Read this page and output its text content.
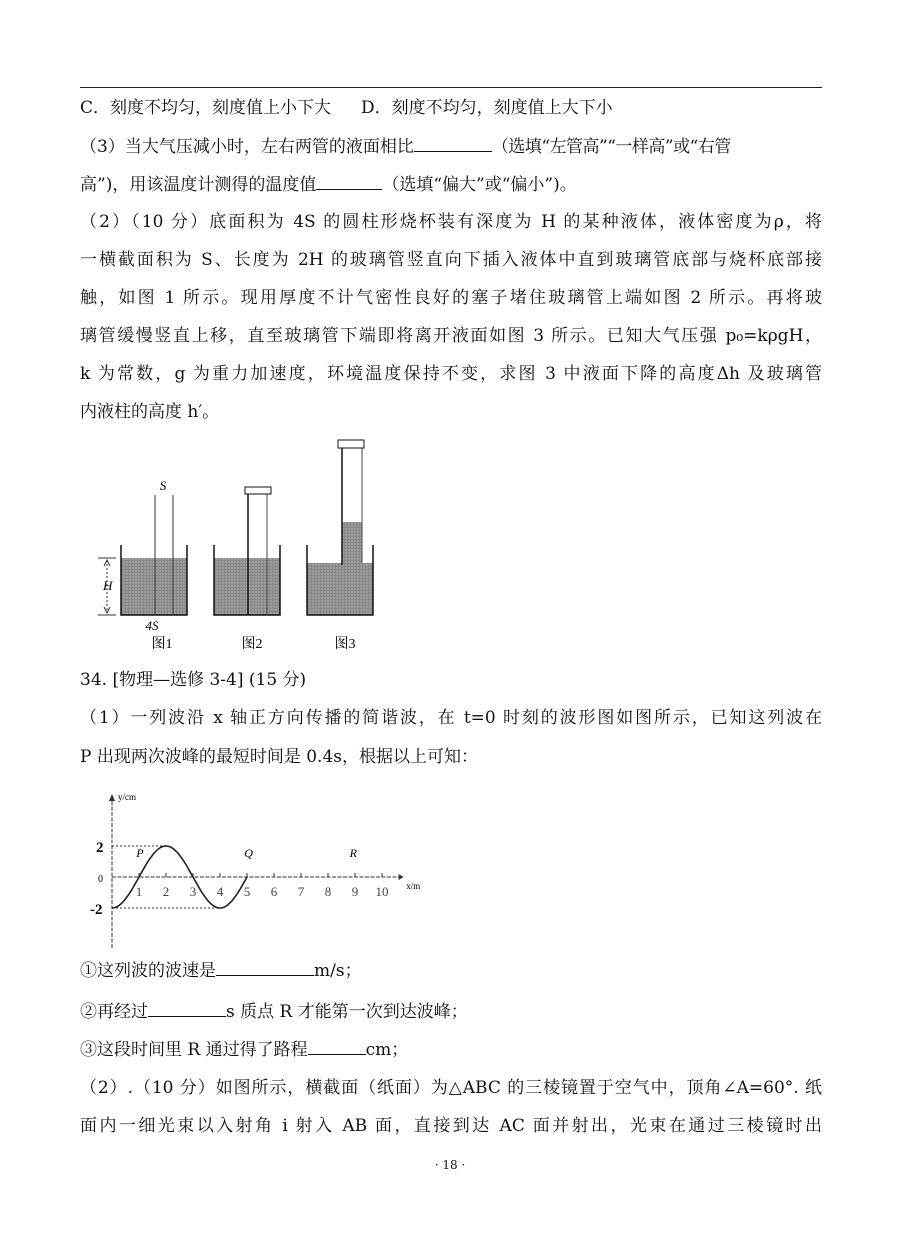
C．刻度不均匀，刻度值上小下大 D．刻度不均匀，刻度值上大下小
（3）当大气压减小时，左右两管的液面相比	（选填“左管高”“一样高”或“右管
高”)，用该温度计测得的温度值	（选填“偏大”或“偏小”)。
（2）（10 分）底面积为 4S 的圆柱形烧杯装有深度为 H 的某种液体，液体密度为ρ，将
一横截面积为 S、长度为 2H 的玻璃管竖直向下插入液体中直到玻璃管底部与烧杯底部接
触，如图 1 所示。现用厚度不计气密性良好的塞子堵住玻璃管上端如图 2 所示。再将玻
璃管缓慢竖直上移，直至玻璃管下端即将离开液面如图 3 所示。已知大气压强 p₀=kρgH，
k 为常数，g 为重力加速度，环境温度保持不变，求图 3 中液面下降的高度Δh 及玻璃管
内液柱的高度 h′。
S
H
4S
图1	图2	图3
34. [物理—选修 3-4] (15 分)
（1）一列波沿 x 轴正方向传播的简谐波，在 t=0 时刻的波形图如图所示，已知这列波在
P 出现两次波峰的最短时间是 0.4s，根据以上可知：
y/cm
x/m
2
0
-2
1 2 3 4 5 6 7 8 9 10
P	Q	R
①这列波的波速是	m/s；
②再经过	s 质点 R 才能第一次到达波峰；
③这段时间里 R 通过得了路程	cm；
（2）.（10 分）如图所示，横截面（纸面）为△ABC 的三棱镜置于空气中，顶角∠A=60°. 纸
面内一细光束以入射角 i 射入 AB 面，直接到达 AC 面并射出，光束在通过三棱镜时出
· 18 ·
